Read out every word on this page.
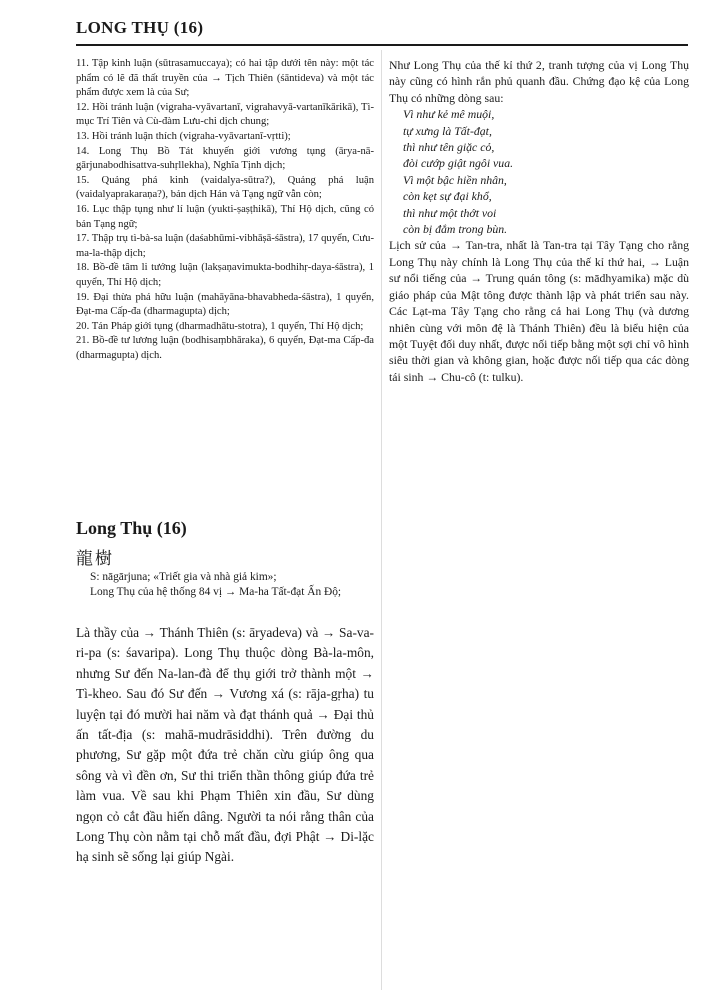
LONG THỤ (16)

11. Tập kinh luận (sūtrasamuccaya); có hai tập dưới tên này: một tác phẩm có lẽ đã thất truyền của → Tịch Thiên (śāntideva) và một tác phẩm được xem là của Sư;

12. Hồi tránh luận (vigraha-vyāvartanī, vigrahavyā-vartanīkārikā), Tì-mục Trí Tiên và Cù-đàm Lưu-chi dịch chung;

13. Hồi tránh luận thích (vigraha-vyāvartanī-vṛtti);

14. Long Thụ Bồ Tát khuyến giới vương tụng (ārya-nā-gārjunabodhisattva-suhṛllekha), Nghĩa Tịnh dịch;

15. Quảng phá kinh (vaidalya-sūtra?), Quảng phá luận (vaidalyaprakaraṇa?), bản dịch Hán và Tạng ngữ vẫn còn;

16. Lục thập tụng như lí luận (yukti-ṣaṣṭhikā), Thí Hộ dịch, cũng có bản Tạng ngữ;

17. Thập trụ tì-bà-sa luận (daśabhūmi-vibhāṣā-śāstra), 17 quyển, Cưu-ma-la-thập dịch;

18. Bồ-đề tâm li tướng luận (lakṣaṇavimukta-bodhihṛ-daya-śāstra), 1 quyển, Thí Hộ dịch;

19. Đại thừa phá hữu luận (mahāyāna-bhavabheda-śāstra), 1 quyển, Đạt-ma Cấp-đa (dharmagupta) dịch;

20. Tán Pháp giới tụng (dharmadhātu-stotra), 1 quyển, Thí Hộ dịch;

21. Bồ-đề tư lương luận (bodhisaṃbhāraka), 6 quyển, Đạt-ma Cấp-đa (dharmagupta) dịch.

Long Thụ (16)
龍樹

S: nāgārjuna; «Triết gia và nhà giả kim»;

Long Thụ của hệ thống 84 vị → Ma-ha Tất-đạt Ấn Độ;

Là thầy của → Thánh Thiên (s: āryadeva) và → Sa-va-ri-pa (s: śavaripa). Long Thụ thuộc dòng Bà-la-môn, nhưng Sư đến Na-lan-đà để thụ giới trở thành một → Tì-kheo. Sau đó Sư đến → Vương xá (s: rāja-gṛha) tu luyện tại đó mười hai năm và đạt thánh quả → Đại thủ ấn tất-địa (s: mahā-mudrāsiddhi). Trên đường du phương, Sư gặp một đứa trẻ chăn cừu giúp ông qua sông và vì đền ơn, Sư thi triển thần thông giúp đứa trẻ làm vua. Về sau khi Phạm Thiên xin đầu, Sư dùng ngọn cỏ cắt đầu hiến dâng. Người ta nói rằng thân của Long Thụ còn nằm tại chỗ mất đầu, đợi Phật → Di-lặc hạ sinh sẽ sống lại giúp Ngài.

Như Long Thụ của thế kỉ thứ 2, tranh tượng của vị Long Thụ này cũng có hình rắn phủ quanh đầu. Chứng đạo kệ của Long Thụ có những dòng sau:

Vì như kẻ mê muội,
tự xưng là Tất-đạt,
thì như tên giặc cỏ,
đòi cướp giật ngôi vua.
Vì một bậc hiền nhân,
còn kẹt sự đại khổ,
thì như một thớt voi
còn bị đắm trong bùn.

Lịch sử của → Tan-tra, nhất là Tan-tra tại Tây Tạng cho rằng Long Thụ này chính là Long Thụ của thế kỉ thứ hai, → Luận sư nổi tiếng của → Trung quán tông (s: mādhyamika) mặc dù giáo pháp của Mật tông được thành lập và phát triển sau này. Các Lạt-ma Tây Tạng cho rằng cả hai Long Thụ (và dương nhiên cùng với môn đệ là Thánh Thiên) đều là biểu hiện của một Tuyệt đối duy nhất, được nối tiếp bằng một sợi chỉ vô hình siêu thời gian và không gian, hoặc được nối tiếp qua các dòng tái sinh → Chu-cô (t: tulku).
